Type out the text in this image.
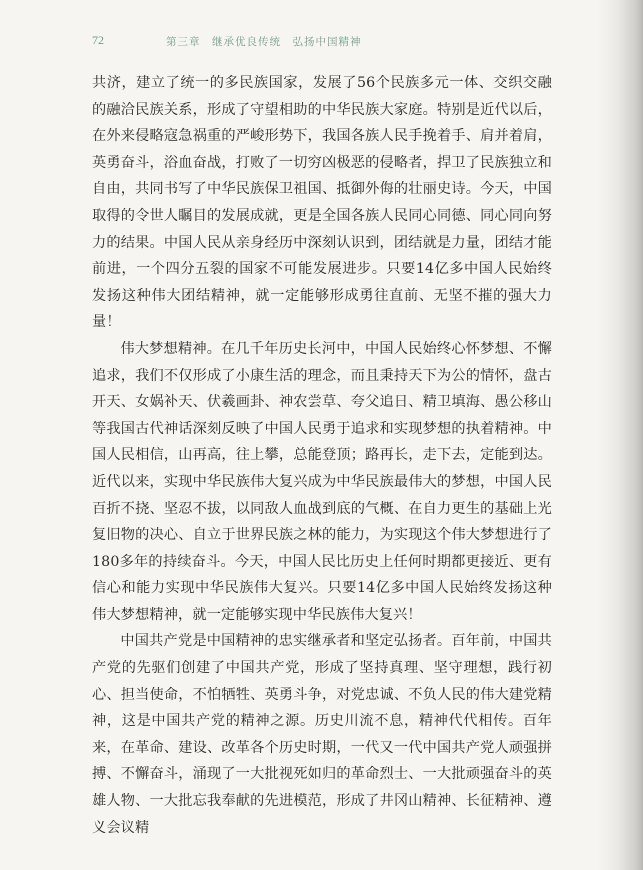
72	第三章　继承优良传统　弘扬中国精神

共济，建立了统一的多民族国家，发展了56个民族多元一体、交织交融的融洽民族关系，形成了守望相助的中华民族大家庭。特别是近代以后，在外来侵略寇急祸重的严峻形势下，我国各族人民手挽着手、肩并着肩，英勇奋斗，浴血奋战，打败了一切穷凶极恶的侵略者，捍卫了民族独立和自由，共同书写了中华民族保卫祖国、抵御外侮的壮丽史诗。今天，中国取得的令世人瞩目的发展成就，更是全国各族人民同心同德、同心同向努力的结果。中国人民从亲身经历中深刻认识到，团结就是力量，团结才能前进，一个四分五裂的国家不可能发展进步。只要14亿多中国人民始终发扬这种伟大团结精神，就一定能够形成勇往直前、无坚不摧的强大力量！

伟大梦想精神。在几千年历史长河中，中国人民始终心怀梦想、不懈追求，我们不仅形成了小康生活的理念，而且秉持天下为公的情怀，盘古开天、女娲补天、伏羲画卦、神农尝草、夸父追日、精卫填海、愚公移山等我国古代神话深刻反映了中国人民勇于追求和实现梦想的执着精神。中国人民相信，山再高，往上攀，总能登顶；路再长，走下去，定能到达。近代以来，实现中华民族伟大复兴成为中华民族最伟大的梦想，中国人民百折不挠、坚忍不拔，以同敌人血战到底的气概、在自力更生的基础上光复旧物的决心、自立于世界民族之林的能力，为实现这个伟大梦想进行了180多年的持续奋斗。今天，中国人民比历史上任何时期都更接近、更有信心和能力实现中华民族伟大复兴。只要14亿多中国人民始终发扬这种伟大梦想精神，就一定能够实现中华民族伟大复兴！

中国共产党是中国精神的忠实继承者和坚定弘扬者。百年前，中国共产党的先驱们创建了中国共产党，形成了坚持真理、坚守理想，践行初心、担当使命，不怕牺牲、英勇斗争，对党忠诚、不负人民的伟大建党精神，这是中国共产党的精神之源。历史川流不息，精神代代相传。百年来，在革命、建设、改革各个历史时期，一代又一代中国共产党人顽强拼搏、不懈奋斗，涌现了一大批视死如归的革命烈士、一大批顽强奋斗的英雄人物、一大批忘我奉献的先进模范，形成了井冈山精神、长征精神、遵义会议精
